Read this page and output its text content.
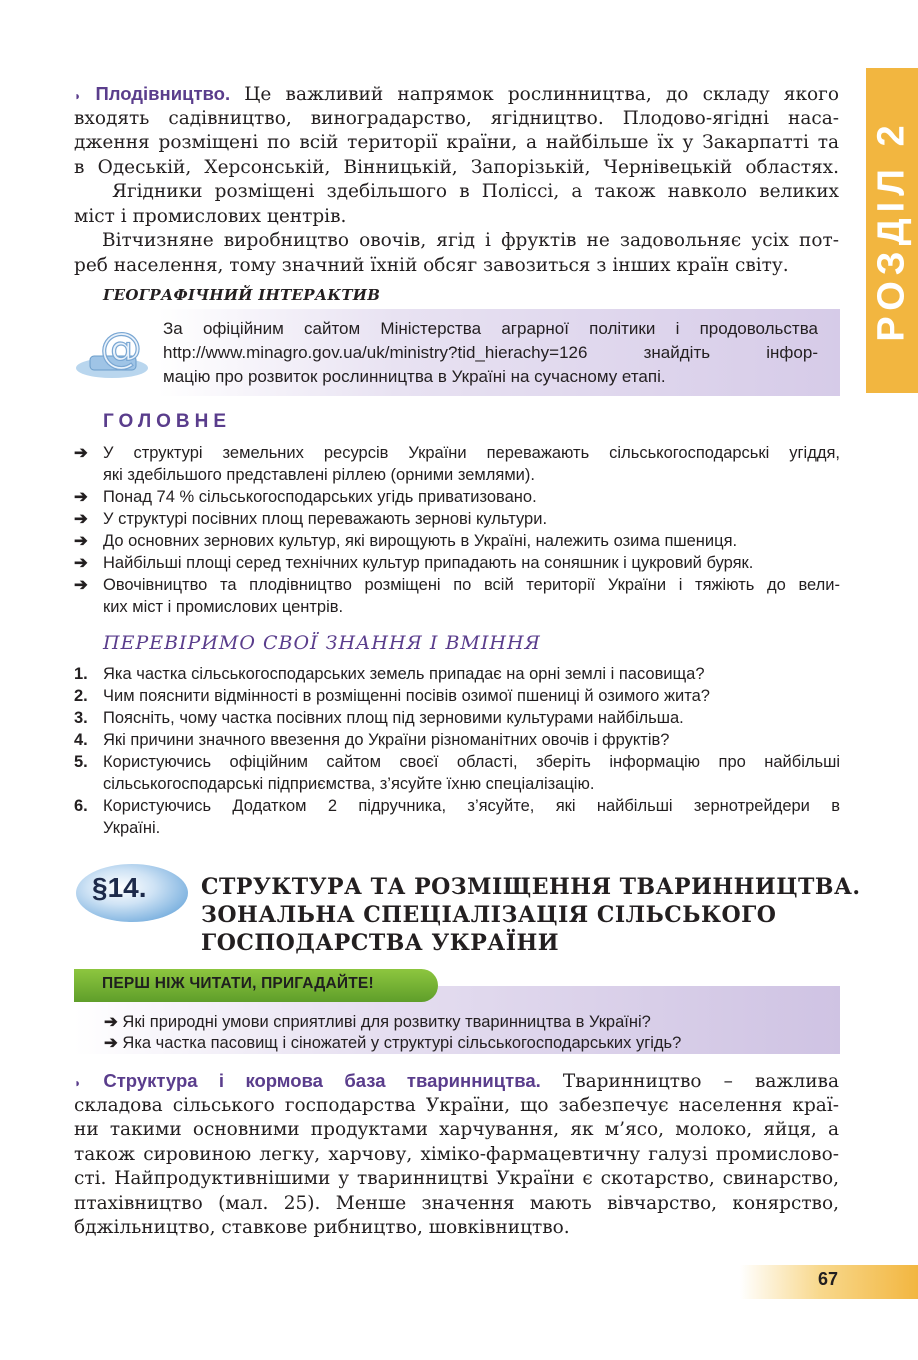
РОЗДІЛ 2
◗ Плодівництво. Це важливий напрямок рослинництва, до складу якого
входять садівництво, виноградарство, ягідництво. Плодово-ягідні наса-
дження розміщені по всій території країни, а найбільше їх у Закарпатті та
в Одеській, Херсонській, Вінницькій, Запорізькій, Чернівецькій областях.
Ягідники розміщені здебільшого в Поліссі, а також навколо великих
міст і промислових центрів.
Вітчизняне виробництво овочів, ягід і фруктів не задовольняє усіх пот-
реб населення, тому значний їхній обсяг завозиться з інших країн світу.
ГЕОГРАФІЧНИЙ ІНТЕРАКТИВ
@ За офіційним сайтом Міністерства аграрної політики і продовольства
http://www.minagro.gov.ua/uk/ministry?tid_hierachy=126 знайдіть інфор-
мацію про розвиток рослинництва в Україні на сучасному етапі.
ГОЛОВНЕ
➔ У структурі земельних ресурсів України переважають сільськогосподарські угіддя,
які здебільшого представлені ріллею (орними землями).
➔ Понад 74 % сільськогосподарських угідь приватизовано.
➔ У структурі посівних площ переважають зернові культури.
➔ До основних зернових культур, які вирощують в Україні, належить озима пшениця.
➔ Найбільші площі серед технічних культур припадають на соняшник і цукровий буряк.
➔ Овочівництво та плодівництво розміщені по всій території України і тяжіють до вели-
ких міст і промислових центрів.
ПЕРЕВІРИМО СВОЇ ЗНАННЯ І ВМІННЯ
1. Яка частка сільськогосподарських земель припадає на орні землі і пасовища?
2. Чим пояснити відмінності в розміщенні посівів озимої пшениці й озимого жита?
3. Поясніть, чому частка посівних площ під зерновими культурами найбільша.
4. Які причини значного ввезення до України різноманітних овочів і фруктів?
5. Користуючись офіційним сайтом своєї області, зберіть інформацію про найбільші
сільськогосподарські підприємства, з’ясуйте їхню спеціалізацію.
6. Користуючись Додатком 2 підручника, з’ясуйте, які найбільші зернотрейдери в
Україні.
§14. СТРУКТУРА ТА РОЗМІЩЕННЯ ТВАРИННИЦТВА.
ЗОНАЛЬНА СПЕЦІАЛІЗАЦІЯ СІЛЬСЬКОГО
ГОСПОДАРСТВА УКРАЇНИ
ПЕРШ НІЖ ЧИТАТИ, ПРИГАДАЙТЕ!
➔ Які природні умови сприятливі для розвитку тваринництва в Україні?
➔ Яка частка пасовищ і сіножатей у структурі сільськогосподарських угідь?
◗ Структура і кормова база тваринництва. Тваринництво – важлива
складова сільського господарства України, що забезпечує населення краї-
ни такими основними продуктами харчування, як м’ясо, молоко, яйця, а
також сировиною легку, харчову, хіміко-фармацевтичну галузі промислово-
сті. Найпродуктивнішими у тваринництві України є скотарство, свинарство,
птахівництво (мал. 25). Менше значення мають вівчарство, конярство,
бджільництво, ставкове рибництво, шовківництво.
67
